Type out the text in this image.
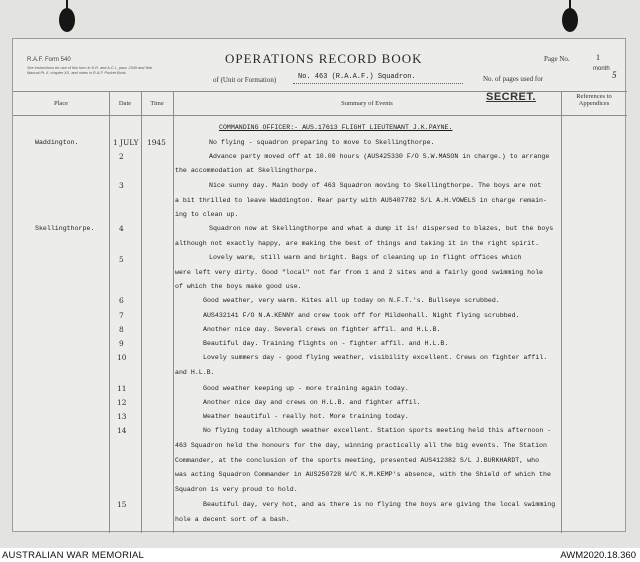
R.A.F. Form 540
See instructions for use of this form in K.R. and A.C.I., para. 2349 and War Manual Pt. II, chapter XX, and notes in R.A.F. Pocket Book.
OPERATIONS RECORD BOOK
of (Unit or Formation)	No. 463 (R.A.A.F.) Squadron.
Page No.	1
month
No. of pages used for	5
Place	Date	Time	Summary of Events
References to Appendices
SECRET.
COMMANDING OFFICER:- AUS.17613 FLIGHT LIEUTENANT J.K.PAYNE.
Waddington.	1 JULY 1945	No flying - squadron preparing to move to Skellingthorpe.
2	Advance party moved off at 10.00 hours (AUS425330 F/O S.W.MASON in charge.) to arrange
the accommodation at Skellingthorpe.
3	Nice sunny day. Main body of 463 Squadron moving to Skellingthorpe. The boys are not
a bit thrilled to leave Waddington. Rear party with AUS407782 S/L A.H.VOWELS in charge remain-
ing to clean up.
Skellingthorpe.	4	Squadron now at Skellingthorpe and what a dump it is! dispersed to blazes, but the boys
although not exactly happy, are making the best of things and taking it in the right spirit.
5	Lovely warm, still warm and bright. Bags of cleaning up in flight offices which
were left very dirty. Good "local" not far from 1 and 2 sites and a fairly good swimming hole
of which the boys make good use.
6	Good weather, very warm. Kites all up today on N.F.T.'s. Bullseye scrubbed.
7	AUS432141 F/O N.A.KENNY and crew took off for Mildenhall. Night flying scrubbed.
8	Another nice day. Several crews on fighter affil. and H.L.B.
9	Beautiful day. Training flights on - fighter affil. and H.L.B.
10	Lovely summers day - good flying weather, visibility excellent. Crews on fighter affil.
and H.L.B.
11	Good weather keeping up - more training again today.
12	Another nice day and crews on H.L.B. and fighter affil.
13	Weather beautiful - really hot. More training today.
14	No flying today although weather excellent. Station sports meeting held this afternoon -
463 Squadron held the honours for the day, winning practically all the big events. The Station
Commander, at the conclusion of the sports meeting, presented AUS412382 S/L J.BURKHARDT, who
was acting Squadron Commander in AUS250728 W/C K.M.KEMP's absence, with the Shield of which the
Squadron is very proud to hold.
15	Beautiful day, very hot, and as there is no flying the boys are giving the local swimming
hole a decent sort of a bash.
AUSTRALIAN WAR MEMORIAL	AWM2020.18.360
